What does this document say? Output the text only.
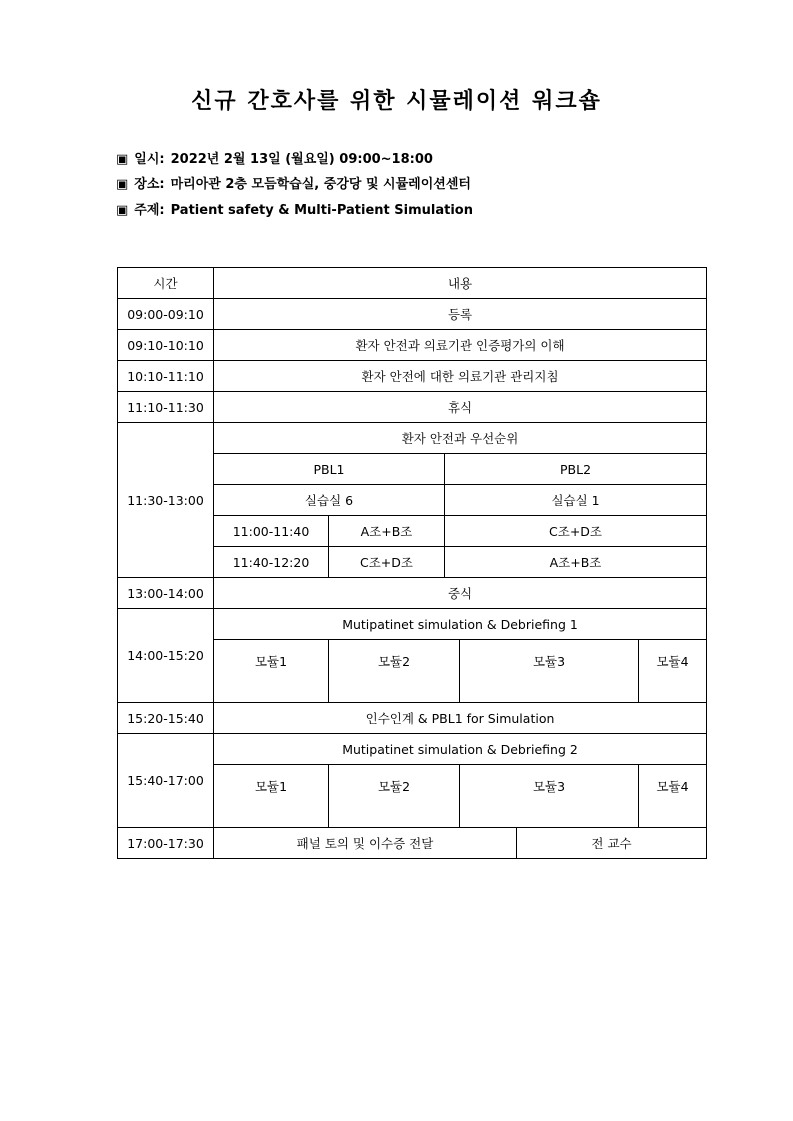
신규 간호사를 위한 시뮬레이션 워크숍
▣ 일시: 2022년 2월 13일 (월요일) 09:00~18:00
▣ 장소: 마리아관 2층 모듬학습실, 중강당 및 시뮬레이션센터
▣ 주제: Patient safety & Multi-Patient Simulation
시간	내용					
09:00-09:10	등록					
09:10-10:10	환자 안전과 의료기관 인증평가의 이해					
10:10-11:10	환자 안전에 대한 의료기관 관리지침					
11:10-11:30	휴식					
11:30-13:00	환자 안전과 우선순위					
	PBL1		PBL2			
	실습실 6		실습실 1			
	11:00-11:40	A조+B조	C조+D조			
	11:40-12:20	C조+D조	A조+B조			
13:00-14:00	중식					
14:00-15:20	Mutipatinet simulation & Debriefing 1					
	모듈1	모듈2		모듈3		모듈4
15:20-15:40	인수인계 & PBL1 for Simulation					
15:40-17:00	Mutipatinet simulation & Debriefing 2					
	모듈1	모듈2		모듈3		모듈4
17:00-17:30	패널 토의 및 이수증 전달				전 교수	
